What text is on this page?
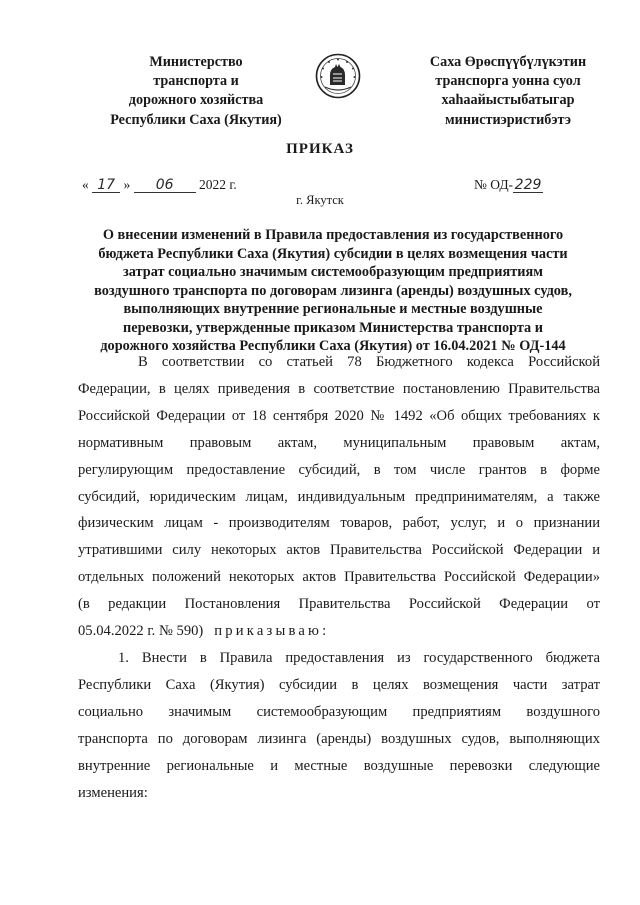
Министерство
транспорта и
дорожного хозяйства
Республики Саха (Якутия)
Саха Өрөспүүбүлүкэтин
транспорга уонна суол
хаһаайыстыбатыгар
министиэристибэтэ
ПРИКАЗ
« 17 » 06 2022 г.
г. Якутск
№ ОД- 229
О внесении изменений в Правила предоставления из государственного
бюджета Республики Саха (Якутия) субсидии в целях возмещения части
затрат социально значимым системообразующим предприятиям
воздушного транспорта по договорам лизинга (аренды) воздушных судов,
выполняющих внутренние региональные и местные воздушные
перевозки, утвержденные приказом Министерства транспорта и
дорожного хозяйства Республики Саха (Якутия) от 16.04.2021 № ОД-144
В соответствии со статьей 78 Бюджетного кодекса Российской
Федерации, в целях приведения в соответствие постановлению Правительства
Российской Федерации от 18 сентября 2020 № 1492 «Об общих требованиях к
нормативным правовым актам, муниципальным правовым актам,
регулирующим предоставление субсидий, в том числе грантов в форме
субсидий, юридическим лицам, индивидуальным предпринимателям, а также
физическим лицам - производителям товаров, работ, услуг, и о признании
утратившими силу некоторых актов Правительства Российской Федерации и
отдельных положений некоторых актов Правительства Российской Федерации»
(в редакции Постановления Правительства Российской Федерации от
05.04.2022 г. № 590) приказываю:
1. Внести в Правила предоставления из государственного бюджета
Республики Саха (Якутия) субсидии в целях возмещения части затрат
социально значимым системообразующим предприятиям воздушного
транспорта по договорам лизинга (аренды) воздушных судов, выполняющих
внутренние региональные и местные воздушные перевозки следующие
изменения:
